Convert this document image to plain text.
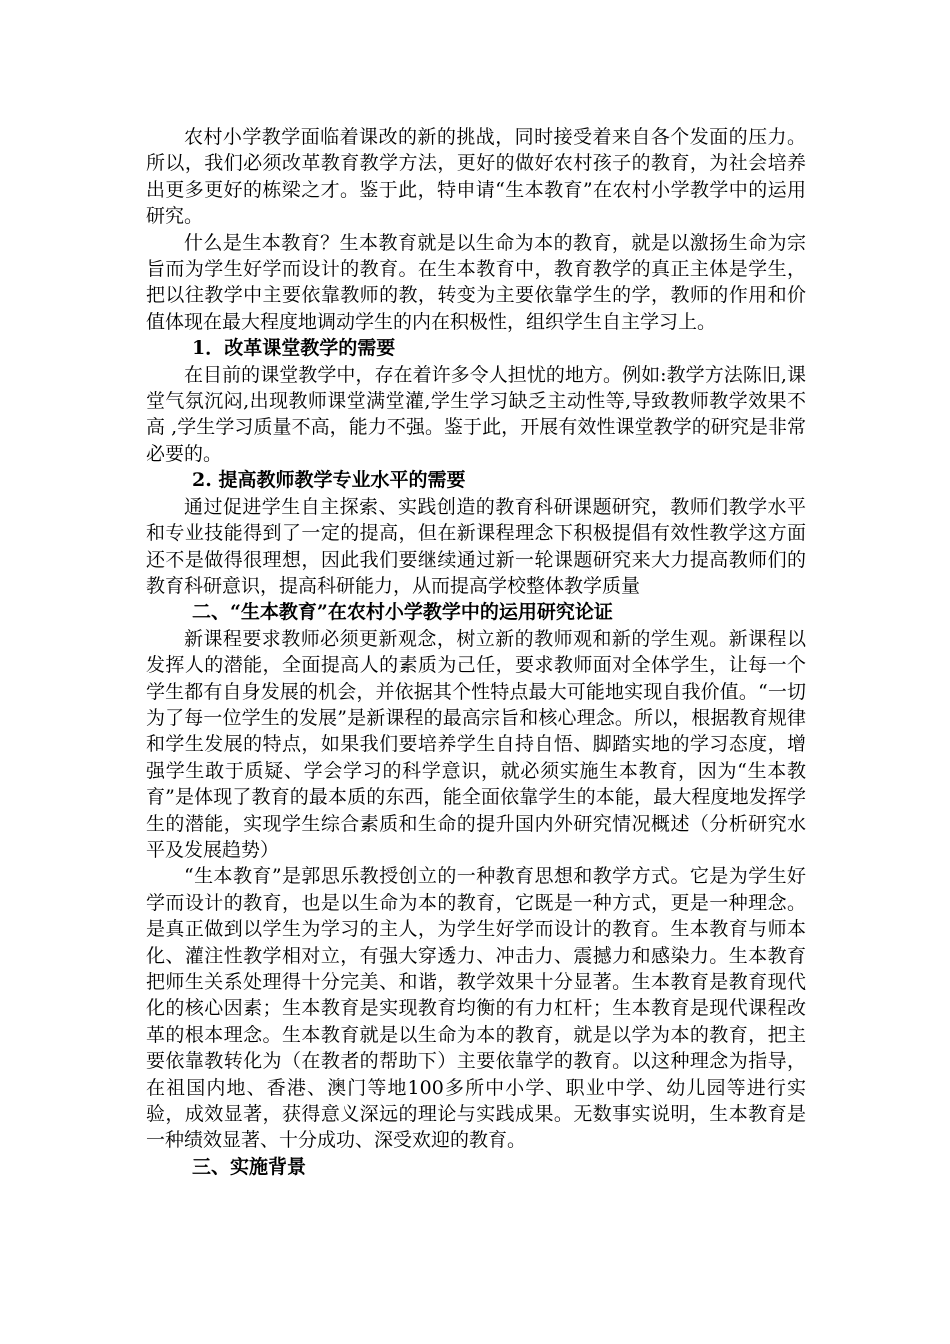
农村小学教学面临着课改的新的挑战，同时接受着来自各个发面的压力。所以，我们必须改革教育教学方法，更好的做好农村孩子的教育，为社会培养出更多更好的栋梁之才。鉴于此，特申请“生本教育”在农村小学教学中的运用研究。

什么是生本教育？生本教育就是以生命为本的教育，就是以激扬生命为宗旨而为学生好学而设计的教育。在生本教育中，教育教学的真正主体是学生，把以往教学中主要依靠教师的教，转变为主要依靠学生的学，教师的作用和价值体现在最大程度地调动学生的内在积极性，组织学生自主学习上。

1．改革课堂教学的需要

在目前的课堂教学中，存在着许多令人担忧的地方。例如:教学方法陈旧,课堂气氛沉闷,出现教师课堂满堂灌,学生学习缺乏主动性等,导致教师教学效果不高 ,学生学习质量不高，能力不强。鉴于此，开展有效性课堂教学的研究是非常必要的。

2. 提高教师教学专业水平的需要

通过促进学生自主探索、实践创造的教育科研课题研究，教师们教学水平和专业技能得到了一定的提高，但在新课程理念下积极提倡有效性教学这方面还不是做得很理想，因此我们要继续通过新一轮课题研究来大力提高教师们的教育科研意识，提高科研能力，从而提高学校整体教学质量

二、“生本教育”在农村小学教学中的运用研究论证

新课程要求教师必须更新观念，树立新的教师观和新的学生观。新课程以发挥人的潜能，全面提高人的素质为己任，要求教师面对全体学生，让每一个学生都有自身发展的机会，并依据其个性特点最大可能地实现自我价值。“一切为了每一位学生的发展”是新课程的最高宗旨和核心理念。所以，根据教育规律和学生发展的特点，如果我们要培养学生自持自悟、脚踏实地的学习态度，增强学生敢于质疑、学会学习的科学意识，就必须实施生本教育，因为“生本教育”是体现了教育的最本质的东西，能全面依靠学生的本能，最大程度地发挥学生的潜能，实现学生综合素质和生命的提升国内外研究情况概述（分析研究水平及发展趋势）

“生本教育”是郭思乐教授创立的一种教育思想和教学方式。它是为学生好学而设计的教育，也是以生命为本的教育，它既是一种方式，更是一种理念。是真正做到以学生为学习的主人，为学生好学而设计的教育。生本教育与师本化、灌注性教学相对立，有强大穿透力、冲击力、震撼力和感染力。生本教育把师生关系处理得十分完美、和谐，教学效果十分显著。生本教育是教育现代化的核心因素；生本教育是实现教育均衡的有力杠杆；生本教育是现代课程改革的根本理念。生本教育就是以生命为本的教育，就是以学为本的教育，把主要依靠教转化为（在教者的帮助下）主要依靠学的教育。以这种理念为指导，在祖国内地、香港、澳门等地100多所中小学、职业中学、幼儿园等进行实验，成效显著，获得意义深远的理论与实践成果。无数事实说明，生本教育是一种绩效显著、十分成功、深受欢迎的教育。

三、实施背景
